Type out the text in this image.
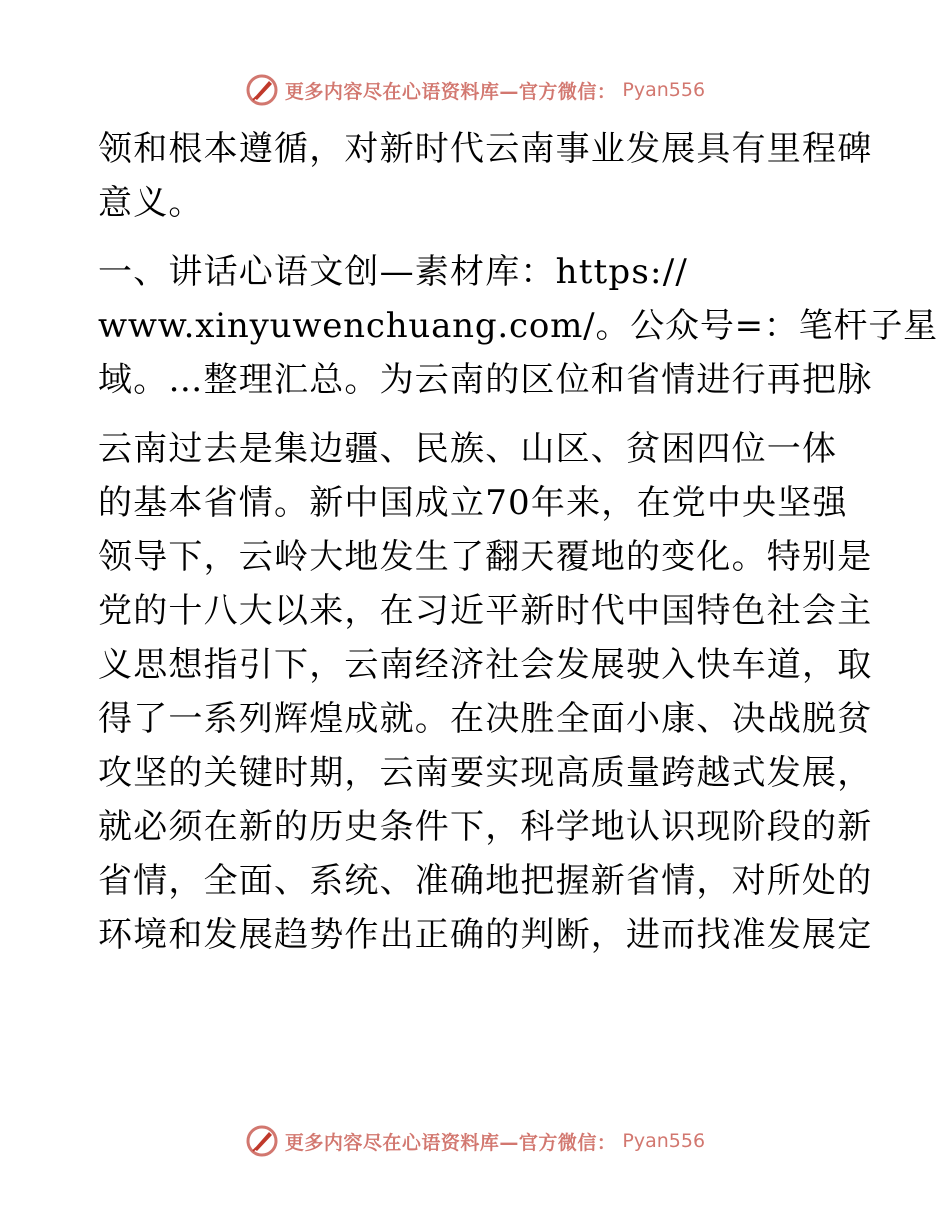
更多内容尽在心语资料库—官方微信： Pyan556
领和根本遵循，对新时代云南事业发展具有里程碑
意义。
一、讲话心语文创—素材库：https://
www.xinyuwenchuang.com/。公众号=：笔杆子星
域。…整理汇总。为云南的区位和省情进行再把脉
云南过去是集边疆、民族、山区、贫困四位一体
的基本省情。新中国成立70年来，在党中央坚强
领导下，云岭大地发生了翻天覆地的变化。特别是
党的十八大以来，在习近平新时代中国特色社会主
义思想指引下，云南经济社会发展驶入快车道，取
得了一系列辉煌成就。在决胜全面小康、决战脱贫
攻坚的关键时期，云南要实现高质量跨越式发展，
就必须在新的历史条件下，科学地认识现阶段的新
省情，全面、系统、准确地把握新省情，对所处的
环境和发展趋势作出正确的判断，进而找准发展定
更多内容尽在心语资料库—官方微信： Pyan556
